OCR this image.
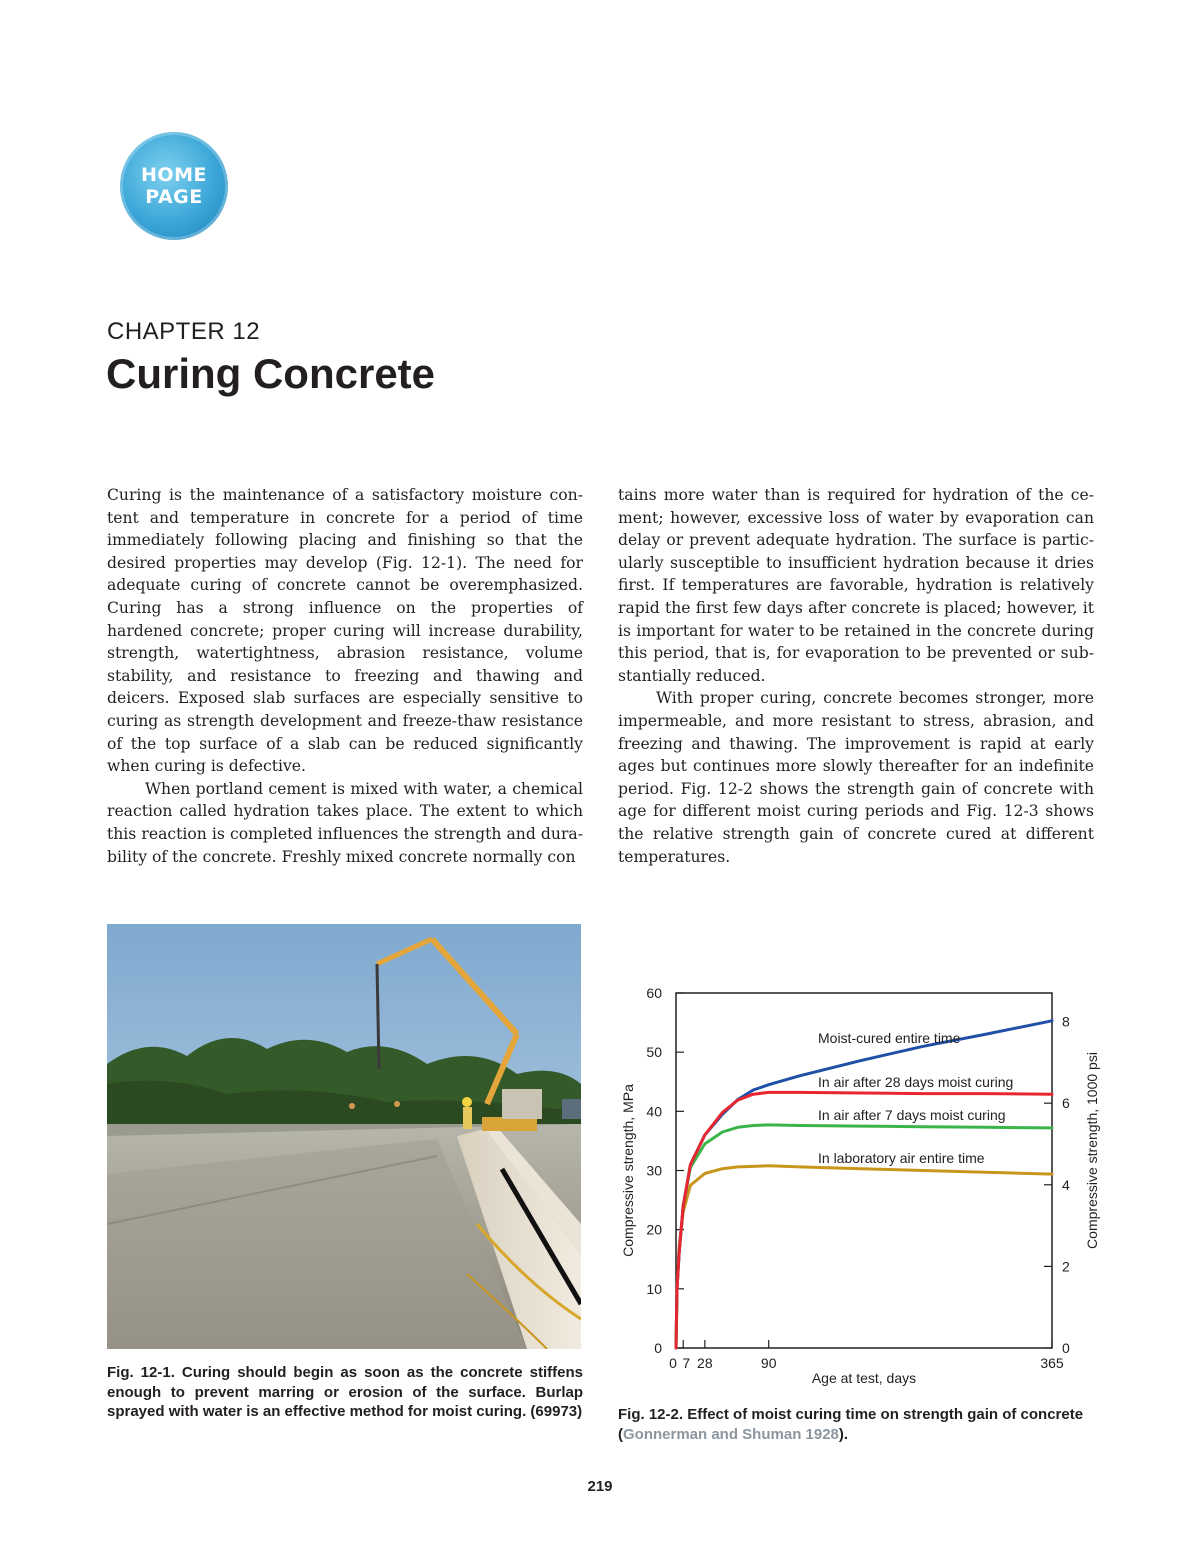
HOME
PAGE
CHAPTER 12
Curing Concrete

Curing is the maintenance of a satisfactory moisture content and temperature in concrete for a period of time immediately following placing and finishing so that the desired properties may develop (Fig. 12-1). The need for adequate curing of concrete cannot be overemphasized. Curing has a strong influence on the properties of hardened concrete; proper curing will increase durability, strength, watertightness, abrasion resistance, volume stability, and resistance to freezing and thawing and deicers. Exposed slab surfaces are especially sensitive to curing as strength development and freeze-thaw resistance of the top surface of a slab can be reduced significantly when curing is defective.

When portland cement is mixed with water, a chemical reaction called hydration takes place. The extent to which this reaction is completed influences the strength and durability of the concrete. Freshly mixed concrete normally con

tains more water than is required for hydration of the cement; however, excessive loss of water by evaporation can delay or prevent adequate hydration. The surface is particularly susceptible to insufficient hydration because it dries first. If temperatures are favorable, hydration is relatively rapid the first few days after concrete is placed; however, it is important for water to be retained in the concrete during this period, that is, for evaporation to be prevented or substantially reduced.

With proper curing, concrete becomes stronger, more impermeable, and more resistant to stress, abrasion, and freezing and thawing. The improvement is rapid at early ages but continues more slowly thereafter for an indefinite period. Fig. 12-2 shows the strength gain of concrete with age for different moist curing periods and Fig. 12-3 shows the relative strength gain of concrete cured at different temperatures.

Fig. 12-1. Curing should begin as soon as the concrete stiffens enough to prevent marring or erosion of the surface. Burlap sprayed with water is an effective method for moist curing. (69973)
0
10
20
30
40
50
60
0
2
4
6
8
0 7 28	90	365
Age at test, days
Compressive strength, MPa	Compressive strength, 1000 psi
Moist-cured entire time
In air after 28 days moist curing
In air after 7 days moist curing
In laboratory air entire time
Fig. 12-2. Effect of moist curing time on strength gain of concrete (Gonnerman and Shuman 1928).
219
